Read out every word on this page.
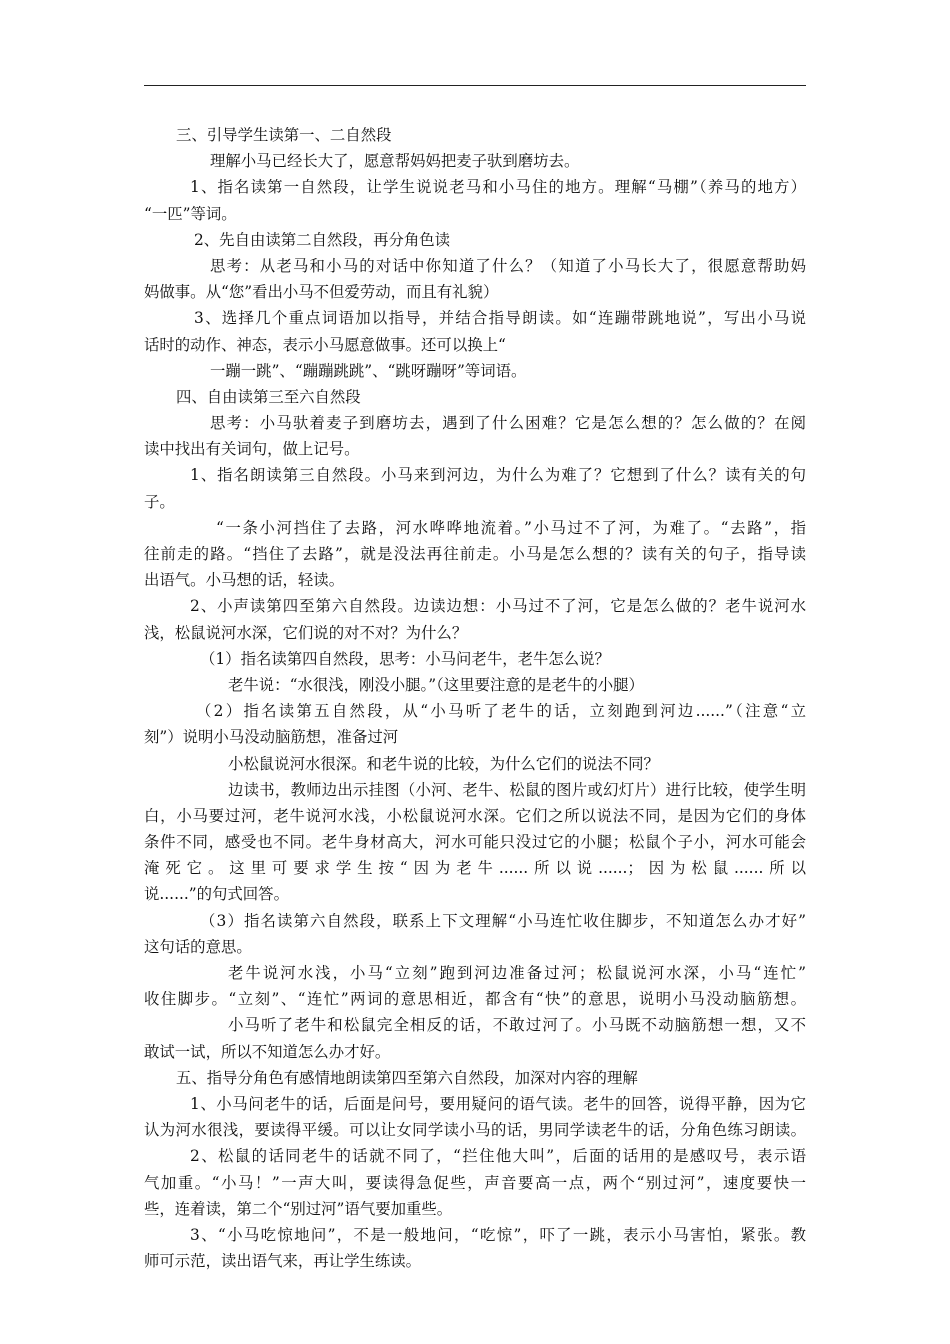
三、引导学生读第一、二自然段
理解小马已经长大了，愿意帮妈妈把麦子驮到磨坊去。
1、指名读第一自然段，让学生说说老马和小马住的地方。理解“马棚”（养马的地方）
“一匹”等词。
2、先自由读第二自然段，再分角色读
思考：从老马和小马的对话中你知道了什么？（知道了小马长大了，很愿意帮助妈
妈做事。从“您”看出小马不但爱劳动，而且有礼貌）
3、选择几个重点词语加以指导，并结合指导朗读。如“连蹦带跳地说”，写出小马说
话时的动作、神态，表示小马愿意做事。还可以换上“
一蹦一跳”、“蹦蹦跳跳”、“跳呀蹦呀”等词语。
四、自由读第三至六自然段
思考：小马驮着麦子到磨坊去，遇到了什么困难？它是怎么想的？怎么做的？在阅
读中找出有关词句，做上记号。
1、指名朗读第三自然段。小马来到河边，为什么为难了？它想到了什么？读有关的句
子。
“一条小河挡住了去路，河水哗哗地流着。”小马过不了河，为难了。“去路”，指
往前走的路。“挡住了去路”，就是没法再往前走。小马是怎么想的？读有关的句子，指导读
出语气。小马想的话，轻读。
2、小声读第四至第六自然段。边读边想：小马过不了河，它是怎么做的？老牛说河水
浅，松鼠说河水深，它们说的对不对？为什么？
（1）指名读第四自然段，思考：小马问老牛，老牛怎么说？
老牛说：“水很浅，刚没小腿。”（这里要注意的是老牛的小腿）
（2）指名读第五自然段，从“小马听了老牛的话，立刻跑到河边......”（注意“立
刻”）说明小马没动脑筋想，准备过河
小松鼠说河水很深。和老牛说的比较，为什么它们的说法不同？
边读书，教师边出示挂图（小河、老牛、松鼠的图片或幻灯片）进行比较，使学生明
白，小马要过河，老牛说河水浅，小松鼠说河水深。它们之所以说法不同，是因为它们的身体
条件不同，感受也不同。老牛身材高大，河水可能只没过它的小腿；松鼠个子小，河水可能会
淹死它。这里可要求学生按“因为老牛......所以说......；因为松鼠......所以
说......”的句式回答。
（3）指名读第六自然段，联系上下文理解“小马连忙收住脚步，不知道怎么办才好”
这句话的意思。
老牛说河水浅，小马“立刻”跑到河边准备过河；松鼠说河水深，小马“连忙”
收住脚步。“立刻”、“连忙”两词的意思相近，都含有“快”的意思，说明小马没动脑筋想。
小马听了老牛和松鼠完全相反的话，不敢过河了。小马既不动脑筋想一想，又不
敢试一试，所以不知道怎么办才好。
五、指导分角色有感情地朗读第四至第六自然段，加深对内容的理解
1、小马问老牛的话，后面是问号，要用疑问的语气读。老牛的回答，说得平静，因为它
认为河水很浅，要读得平缓。可以让女同学读小马的话，男同学读老牛的话，分角色练习朗读。
2、松鼠的话同老牛的话就不同了，“拦住他大叫”，后面的话用的是感叹号，表示语
气加重。“小马！”一声大叫，要读得急促些，声音要高一点，两个“别过河”，速度要快一
些，连着读，第二个“别过河”语气要加重些。
3、“小马吃惊地问”，不是一般地问，“吃惊”，吓了一跳，表示小马害怕，紧张。教
师可示范，读出语气来，再让学生练读。
